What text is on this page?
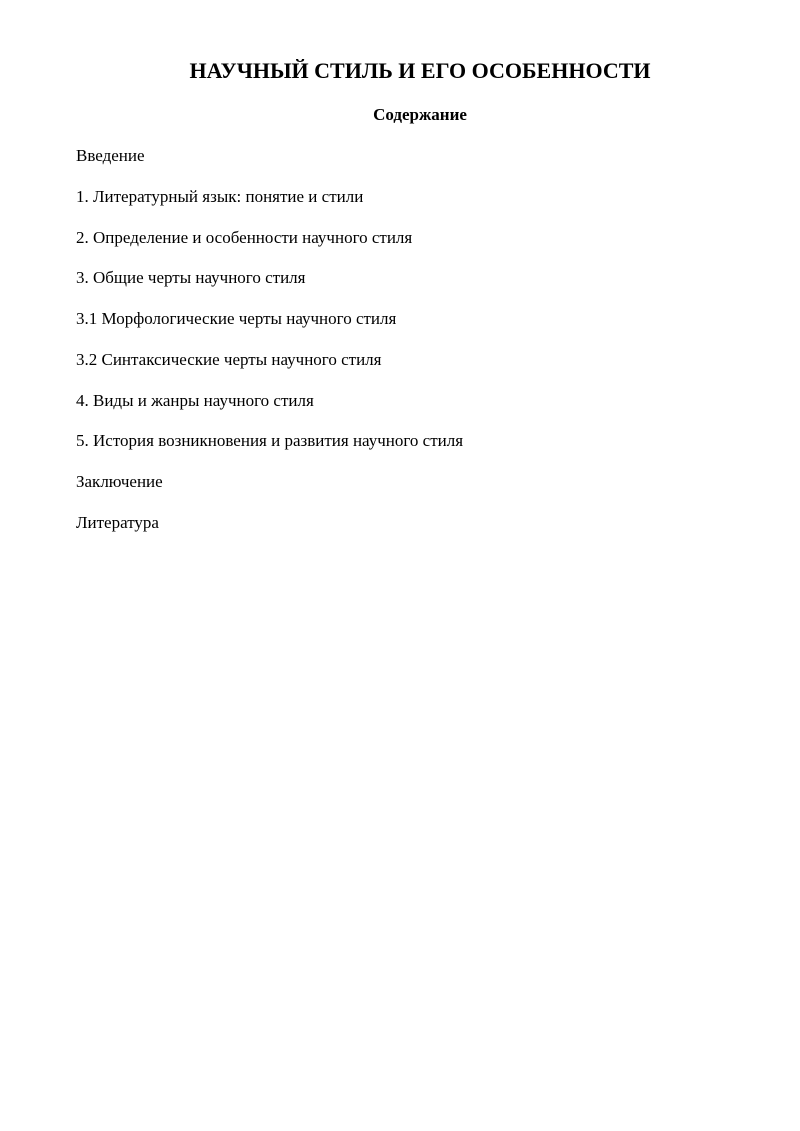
НАУЧНЫЙ СТИЛЬ И ЕГО ОСОБЕННОСТИ
Содержание
Введение
1. Литературный язык: понятие и стили
2. Определение и особенности научного стиля
3. Общие черты научного стиля
3.1 Морфологические черты научного стиля
3.2 Синтаксические черты научного стиля
4. Виды и жанры научного стиля
5. История возникновения и развития научного стиля
Заключение
Литература
